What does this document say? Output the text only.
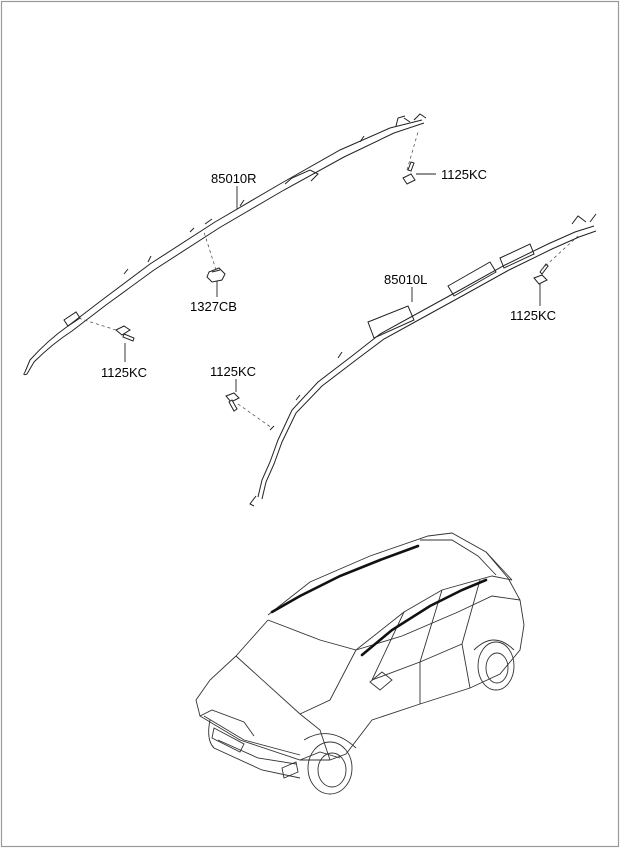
85010R
85010L
1327CB
1125KC
1125KC	1125KC
1125KC
